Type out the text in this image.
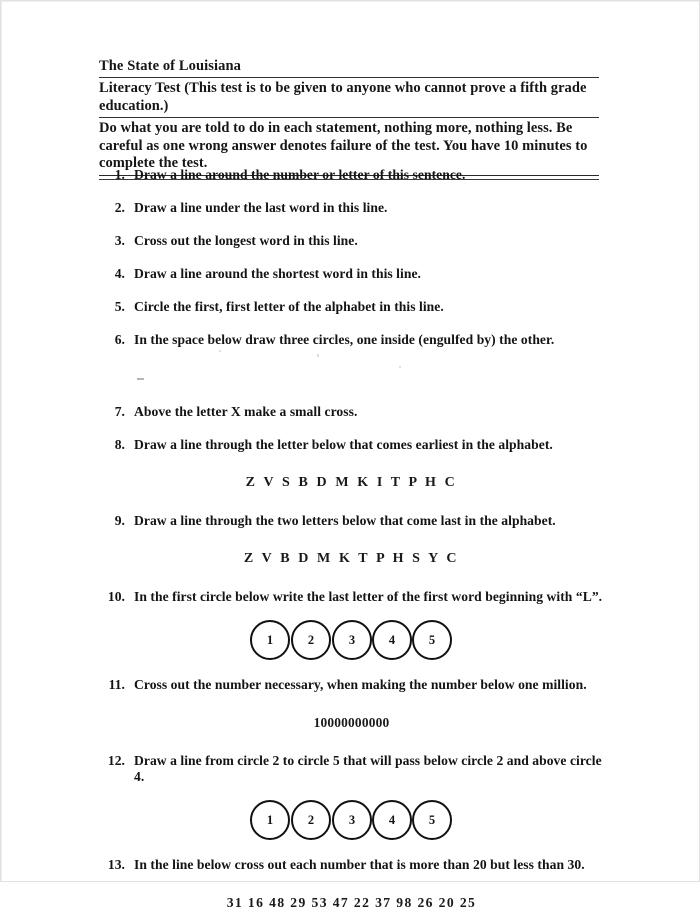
The State of Louisiana
Literacy Test (This test is to be given to anyone who cannot prove a fifth grade education.)
Do what you are told to do in each statement, nothing more, nothing less. Be careful as one wrong answer denotes failure of the test. You have 10 minutes to complete the test.
1. Draw a line around the number or letter of this sentence.
2. Draw a line under the last word in this line.
3. Cross out the longest word in this line.
4. Draw a line around the shortest word in this line.
5. Circle the first, first letter of the alphabet in this line.
6. In the space below draw three circles, one inside (engulfed by) the other.
7. Above the letter X make a small cross.
8. Draw a line through the letter below that comes earliest in the alphabet.
Z V S B D M K I T P H C
9. Draw a line through the two letters below that come last in the alphabet.
Z V B D M K T P H S Y C
10. In the first circle below write the last letter of the first word beginning with “L”.
1	2	3	4	5
11. Cross out the number necessary, when making the number below one million.
10000000000
12. Draw a line from circle 2 to circle 5 that will pass below circle 2 and above circle 4.
1	2	3	4	5
13. In the line below cross out each number that is more than 20 but less than 30.
31 16 48 29 53 47 22 37 98 26 20 25
